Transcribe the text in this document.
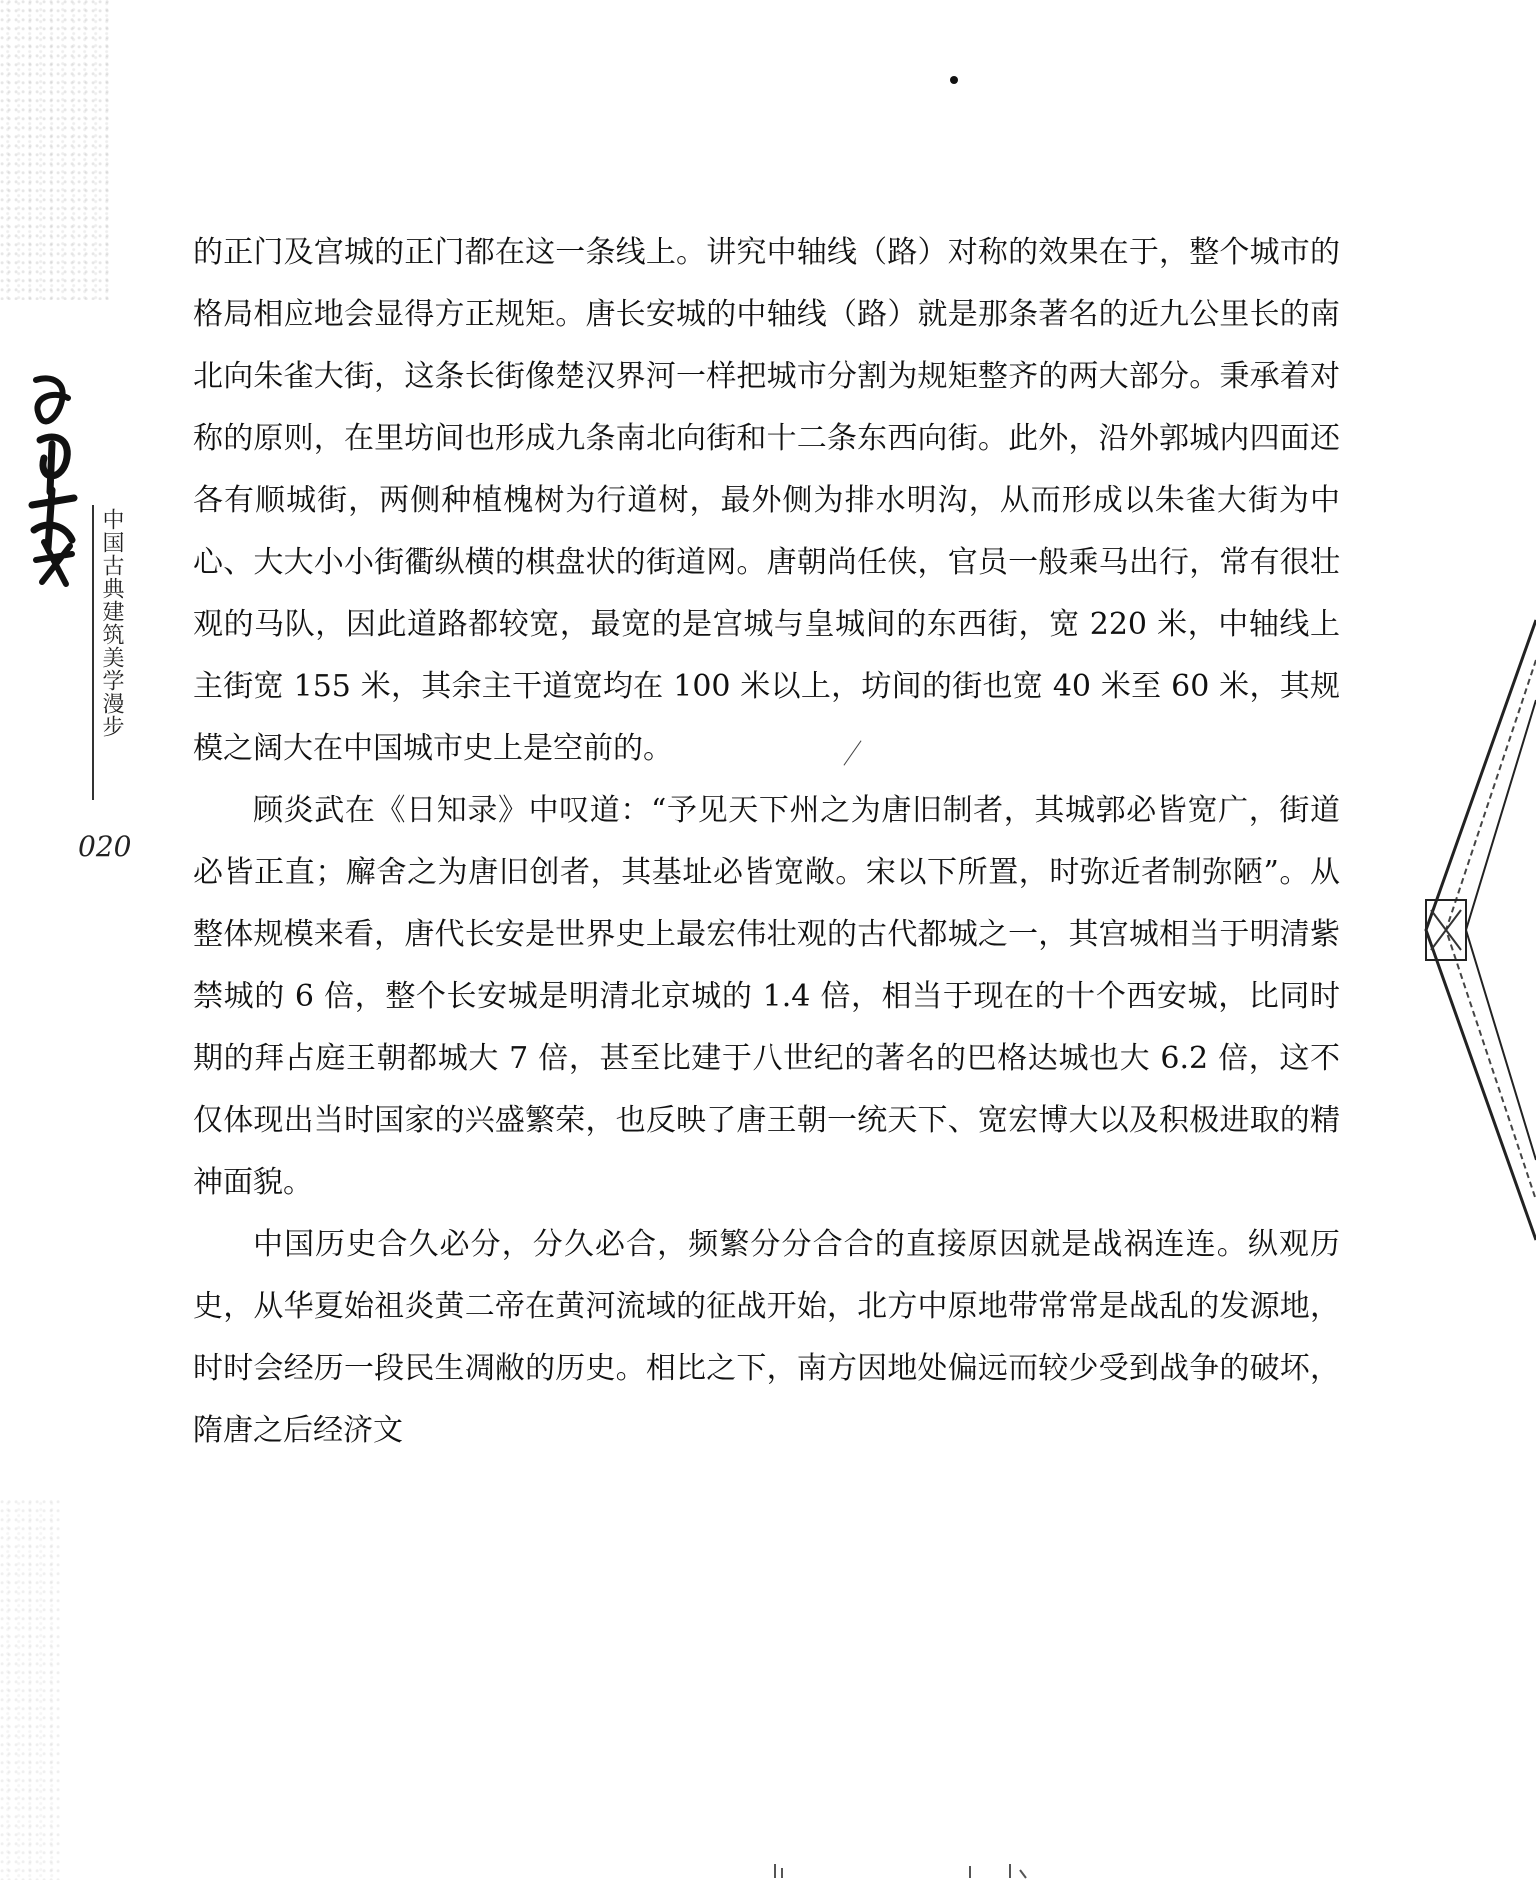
中国古典建筑美学漫步
020

的正门及宫城的正门都在这一条线上。讲究中轴线（路）对称的效果在于，整个城市的格局相应地会显得方正规矩。唐长安城的中轴线（路）就是那条著名的近九公里长的南北向朱雀大街，这条长街像楚汉界河一样把城市分割为规矩整齐的两大部分。秉承着对称的原则，在里坊间也形成九条南北向街和十二条东西向街。此外，沿外郭城内四面还各有顺城街，两侧种植槐树为行道树，最外侧为排水明沟，从而形成以朱雀大街为中心、大大小小街衢纵横的棋盘状的街道网。唐朝尚任侠，官员一般乘马出行，常有很壮观的马队，因此道路都较宽，最宽的是宫城与皇城间的东西街，宽 220 米，中轴线上主街宽 155 米，其余主干道宽均在 100 米以上，坊间的街也宽 40 米至 60 米，其规模之阔大在中国城市史上是空前的。

顾炎武在《日知录》中叹道：“予见天下州之为唐旧制者，其城郭必皆宽广，街道必皆正直；廨舍之为唐旧创者，其基址必皆宽敞。宋以下所置，时弥近者制弥陋”。从整体规模来看，唐代长安是世界史上最宏伟壮观的古代都城之一，其宫城相当于明清紫禁城的 6 倍，整个长安城是明清北京城的 1.4 倍，相当于现在的十个西安城，比同时期的拜占庭王朝都城大 7 倍，甚至比建于八世纪的著名的巴格达城也大 6.2 倍，这不仅体现出当时国家的兴盛繁荣，也反映了唐王朝一统天下、宽宏博大以及积极进取的精神面貌。

中国历史合久必分，分久必合，频繁分分合合的直接原因就是战祸连连。纵观历史，从华夏始祖炎黄二帝在黄河流域的征战开始，北方中原地带常常是战乱的发源地，时时会经历一段民生凋敝的历史。相比之下，南方因地处偏远而较少受到战争的破坏，隋唐之后经济文
